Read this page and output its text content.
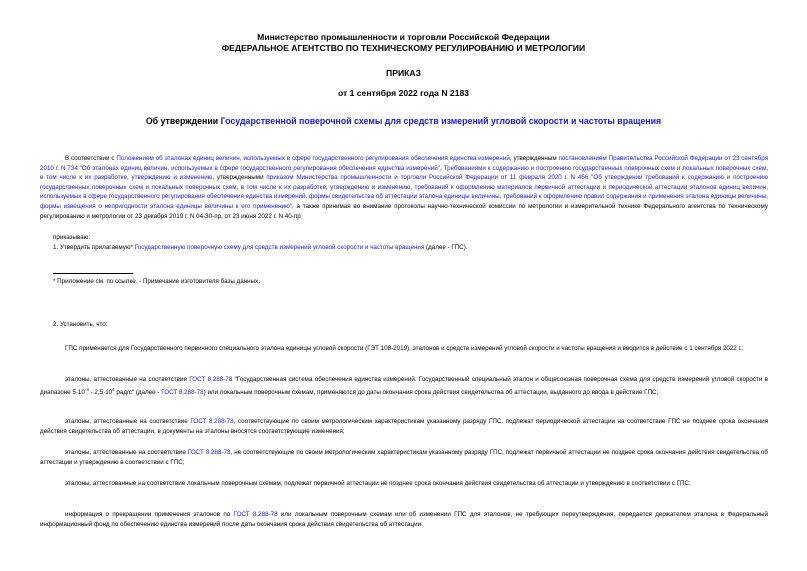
Министерство промышленности и торговли Российской Федерации
ФЕДЕРАЛЬНОЕ АГЕНТСТВО ПО ТЕХНИЧЕСКОМУ РЕГУЛИРОВАНИЮ И МЕТРОЛОГИИ
ПРИКАЗ
от 1 сентября 2022 года N 2183
Об утверждении Государственной поверочной схемы для средств измерений угловой скорости и частоты вращения
В соответствии с Положением об эталонах единиц величин, используемых в сфере государственного регулирования обеспечения единства измерений, утвержденным постановлением Правительства Российской Федерации от 23 сентября 2010 г. N 734 "Об эталонах единиц величин, используемых в сфере государственного регулирования обеспечения единства измерений", Требованиями к содержанию и построению государственных поверочных схем и локальных поверочных схем, в том числе к их разработке, утверждению и изменению, утвержденными приказом Министерства промышленности и торговли Российской Федерации от 11 февраля 2020 г. N 456 "Об утверждении требований к содержанию и построению государственных поверочных схем и локальных поверочных схем, в том числе к их разработке, утверждению и изменению, требований к оформлению материалов первичной аттестации и периодической аттестации эталонов единиц величин, используемых в сфере государственного регулирования обеспечения единства измерений, формы свидетельства об аттестации эталона единицы величины, требований к оформлению правил содержания и применения эталона единицы величины, формы извещения о непригодности эталона единицы величины к его применению", а также принимая во внимание протоколы научно-технической комиссии по метрологии и измерительной технике Федерального агентства по техническому регулированию и метрологии от 23 декабря 2019 г. N 04-30-пр, от 23 июня 2022 г. N 40-пр
приказываю:
1. Утвердить прилагаемую* Государственную поверочную схему для средств измерений угловой скорости и частоты вращения (далее - ГПС).
* Приложение см. по ссылке. - Примечание изготовителя базы данных.
2. Установить, что:
ГПС применяется для Государственного первичного специального эталона единицы угловой скорости (ГЭТ 108-2019), эталонов и средств измерений угловой скорости и частоты вращения и вводится в действие с 1 сентября 2022 г.;
эталоны, аттестованные на соответствие ГОСТ 8.288-78 "Государственная система обеспечения единства измерений. Государственный специальный эталон и общесоюзная поверочная схема для средств измерений угловой скорости в диапазоне $5\cdot 10^{-4} - 2,5\cdot 10^4$ рад/с" (далее - ГОСТ 8.288-78) или локальным поверочным схемам, применяются до даты окончания срока действия свидетельства об аттестации, выданного до ввода в действие ГПС;
эталоны, аттестованные на соответствие ГОСТ 8.288-78, соответствующие по своим метрологическим характеристикам указанному разряду ГПС, подлежат периодической аттестации на соответствие ГПС не позднее срока окончания действия свидетельства об аттестации, в документы на эталоны вносятся соответствующие изменения;
эталоны, аттестованные на соответствие ГОСТ 8.288-78, не соответствующие по своим метрологическим характеристикам указанному разряду ГПС, подлежат первичной аттестации не позднее срока окончания действия свидетельства об аттестации и утверждению в соответствии с ГПС;
эталоны, аттестованные на соответствие локальным поверочным схемам, подлежат первичной аттестации не позднее срока окончания действия свидетельства об аттестации и утверждению в соответствии с ГПС;
информация о прекращении применения эталонов по ГОСТ 8.288-78 или локальным поверочным схемам или об изменении ГПС для эталонов, не требующих переутверждения, передается держателем эталона в Федеральный информационный фонд по обеспечению единства измерений после даты окончания срока действия свидетельства об аттестации.
